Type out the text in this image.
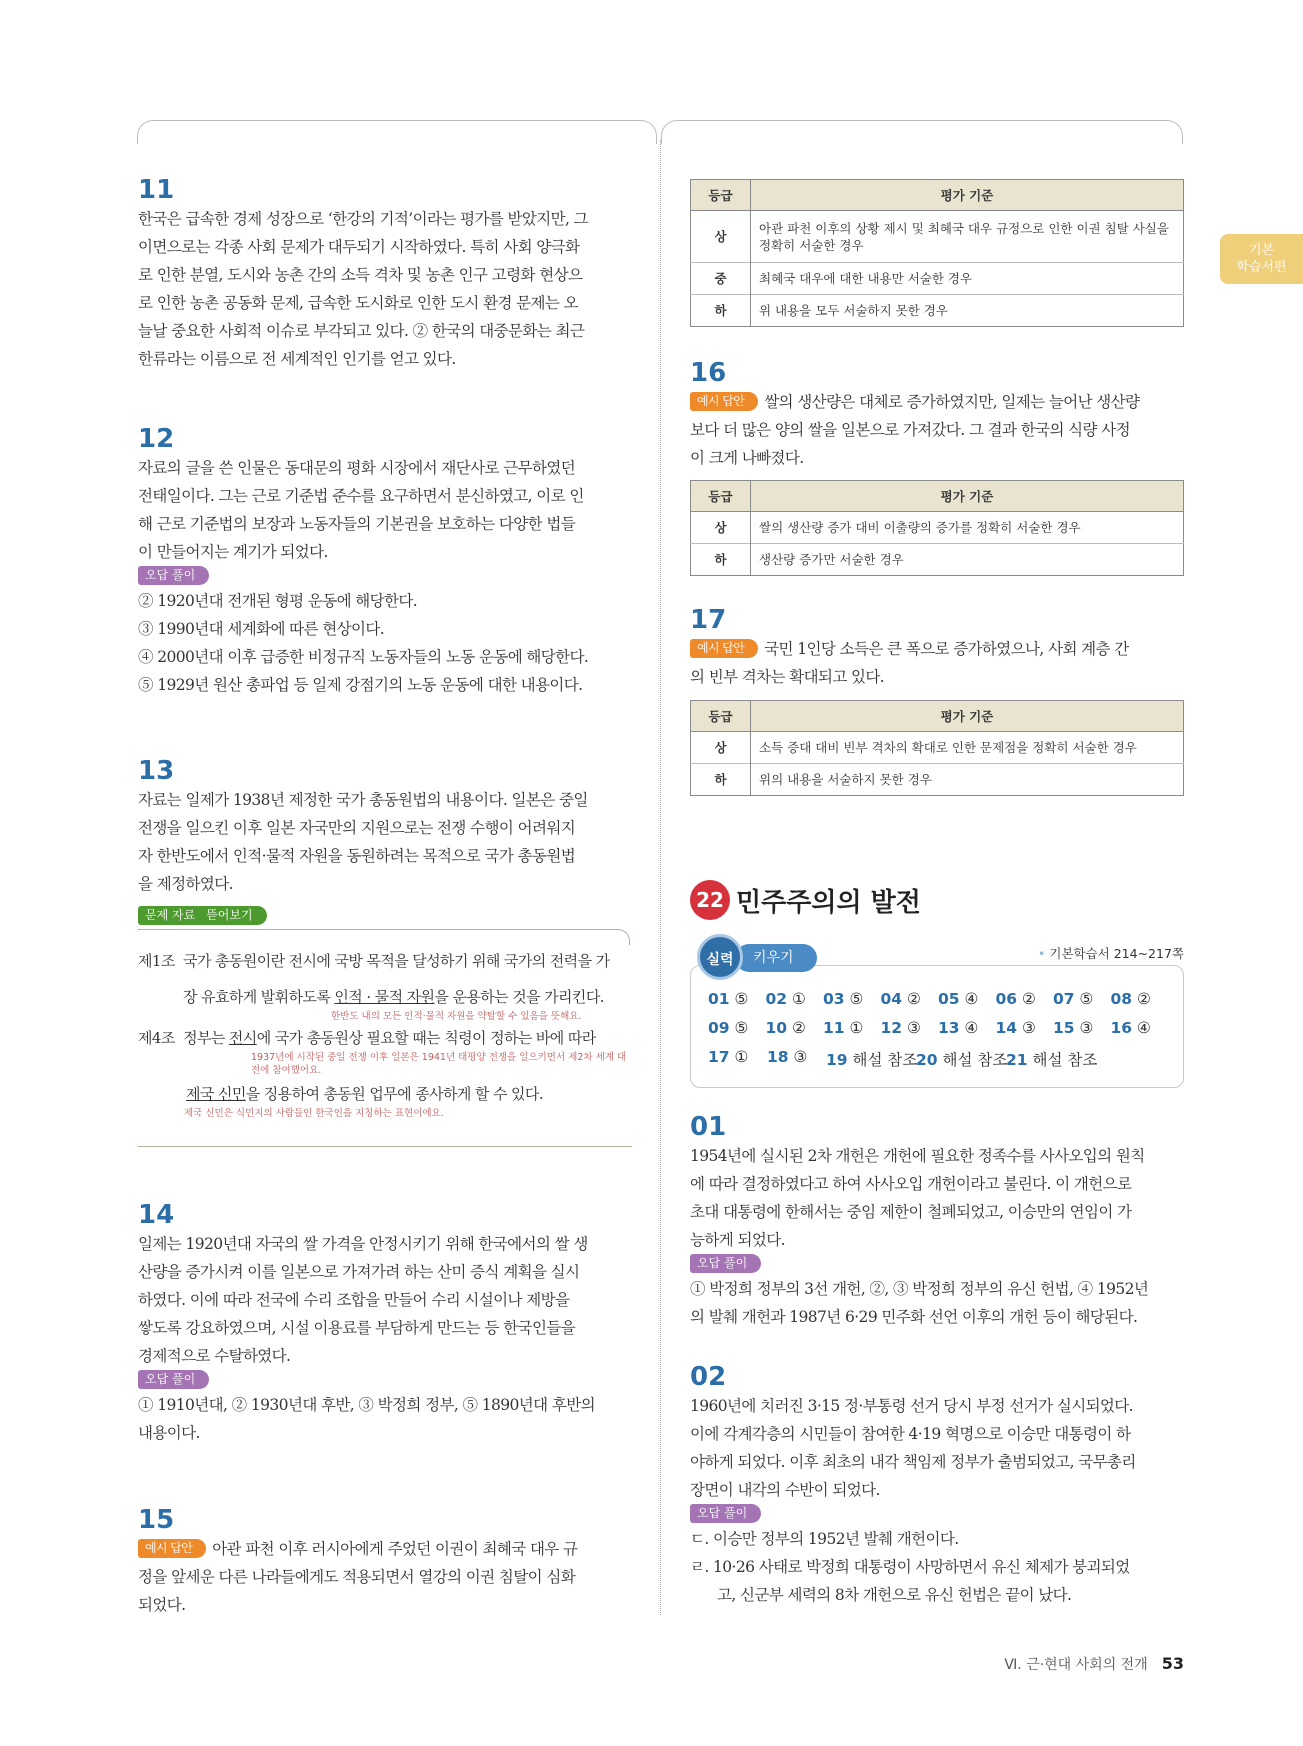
기본
학습서편
11
한국은 급속한 경제 성장으로 ‘한강의 기적’이라는 평가를 받았지만, 그
이면으로는 각종 사회 문제가 대두되기 시작하였다. 특히 사회 양극화
로 인한 분열, 도시와 농촌 간의 소득 격차 및 농촌 인구 고령화 현상으
로 인한 농촌 공동화 문제, 급속한 도시화로 인한 도시 환경 문제는 오
늘날 중요한 사회적 이슈로 부각되고 있다. ② 한국의 대중문화는 최근
한류라는 이름으로 전 세계적인 인기를 얻고 있다.
12
자료의 글을 쓴 인물은 동대문의 평화 시장에서 재단사로 근무하였던
전태일이다. 그는 근로 기준법 준수를 요구하면서 분신하였고, 이로 인
해 근로 기준법의 보장과 노동자들의 기본권을 보호하는 다양한 법들
이 만들어지는 계기가 되었다.
오답 풀이
② 1920년대 전개된 형평 운동에 해당한다.
③ 1990년대 세계화에 따른 현상이다.
④ 2000년대 이후 급증한 비정규직 노동자들의 노동 운동에 해당한다.
⑤ 1929년 원산 총파업 등 일제 강점기의 노동 운동에 대한 내용이다.
13
자료는 일제가 1938년 제정한 국가 총동원법의 내용이다. 일본은 중일
전쟁을 일으킨 이후 일본 자국만의 지원으로는 전쟁 수행이 어려워지
자 한반도에서 인적·물적 자원을 동원하려는 목적으로 국가 총동원법
을 제정하였다.
문제 자료 뜯어보기
제1조 국가 총동원이란 전시에 국방 목적을 달성하기 위해 국가의 전력을 가
장 유효하게 발휘하도록 인적 · 물적 자원을 운용하는 것을 가리킨다.
한반도 내의 모든 인적·물적 자원을 약탈할 수 있음을 뜻해요.
제4조 정부는 전시에 국가 총동원상 필요할 때는 칙령이 정하는 바에 따라
1937년에 시작된 중일 전쟁 이후 일본은 1941년 태평양 전쟁을 일으키면서 제2차 세계 대전에 참여했어요.
제국 신민을 징용하여 총동원 업무에 종사하게 할 수 있다.
제국 신민은 식민지의 사람들인 한국인을 지칭하는 표현이에요.
14
일제는 1920년대 자국의 쌀 가격을 안정시키기 위해 한국에서의 쌀 생
산량을 증가시켜 이를 일본으로 가져가려 하는 산미 증식 계획을 실시
하였다. 이에 따라 전국에 수리 조합을 만들어 수리 시설이나 제방을
쌓도록 강요하였으며, 시설 이용료를 부담하게 만드는 등 한국인들을
경제적으로 수탈하였다.
오답 풀이
① 1910년대, ② 1930년대 후반, ③ 박정희 정부, ⑤ 1890년대 후반의
내용이다.
15
예시 답안 아관 파천 이후 러시아에게 주었던 이권이 최혜국 대우 규
정을 앞세운 다른 나라들에게도 적용되면서 열강의 이권 침탈이 심화
되었다.
등급	평가 기준
상	아관 파천 이후의 상황 제시 및 최혜국 대우 규정으로 인한 이권 침탈 사실을 정확히 서술한 경우
중	최혜국 대우에 대한 내용만 서술한 경우
하	위 내용을 모두 서술하지 못한 경우
16
예시 답안 쌀의 생산량은 대체로 증가하였지만, 일제는 늘어난 생산량
보다 더 많은 양의 쌀을 일본으로 가져갔다. 그 결과 한국의 식량 사정
이 크게 나빠졌다.
등급	평가 기준
상	쌀의 생산량 증가 대비 이출량의 증가를 정확히 서술한 경우
하	생산량 증가만 서술한 경우
17
예시 답안 국민 1인당 소득은 큰 폭으로 증가하였으나, 사회 계층 간
의 빈부 격차는 확대되고 있다.
등급	평가 기준
상	소득 증대 대비 빈부 격차의 확대로 인한 문제점을 정확히 서술한 경우
하	위의 내용을 서술하지 못한 경우
22 민주주의의 발전
키우기
실력	• 기본학습서 214~217쪽
01 ⑤	02 ①	03 ⑤	04 ②	05 ④	06 ②	07 ⑤	08 ②
09 ⑤	10 ②	11 ①	12 ③	13 ④	14 ③	15 ③	16 ④
17 ①	18 ③	19 해설 참조
20 해설 참조
21 해설 참조
01
1954년에 실시된 2차 개헌은 개헌에 필요한 정족수를 사사오입의 원칙
에 따라 결정하였다고 하여 사사오입 개헌이라고 불린다. 이 개헌으로
초대 대통령에 한해서는 중임 제한이 철폐되었고, 이승만의 연임이 가
능하게 되었다.
오답 풀이
① 박정희 정부의 3선 개헌, ②, ③ 박정희 정부의 유신 헌법, ④ 1952년
의 발췌 개헌과 1987년 6·29 민주화 선언 이후의 개헌 등이 해당된다.
02
1960년에 치러진 3·15 정·부통령 선거 당시 부정 선거가 실시되었다.
이에 각계각층의 시민들이 참여한 4·19 혁명으로 이승만 대통령이 하
야하게 되었다. 이후 최초의 내각 책임제 정부가 출범되었고, 국무총리
장면이 내각의 수반이 되었다.
오답 풀이
ㄷ. 이승만 정부의 1952년 발췌 개헌이다.
ㄹ. 10·26 사태로 박정희 대통령이 사망하면서 유신 체제가 붕괴되었
고, 신군부 세력의 8차 개헌으로 유신 헌법은 끝이 났다.
Ⅵ. 근·현대 사회의 전개 53
